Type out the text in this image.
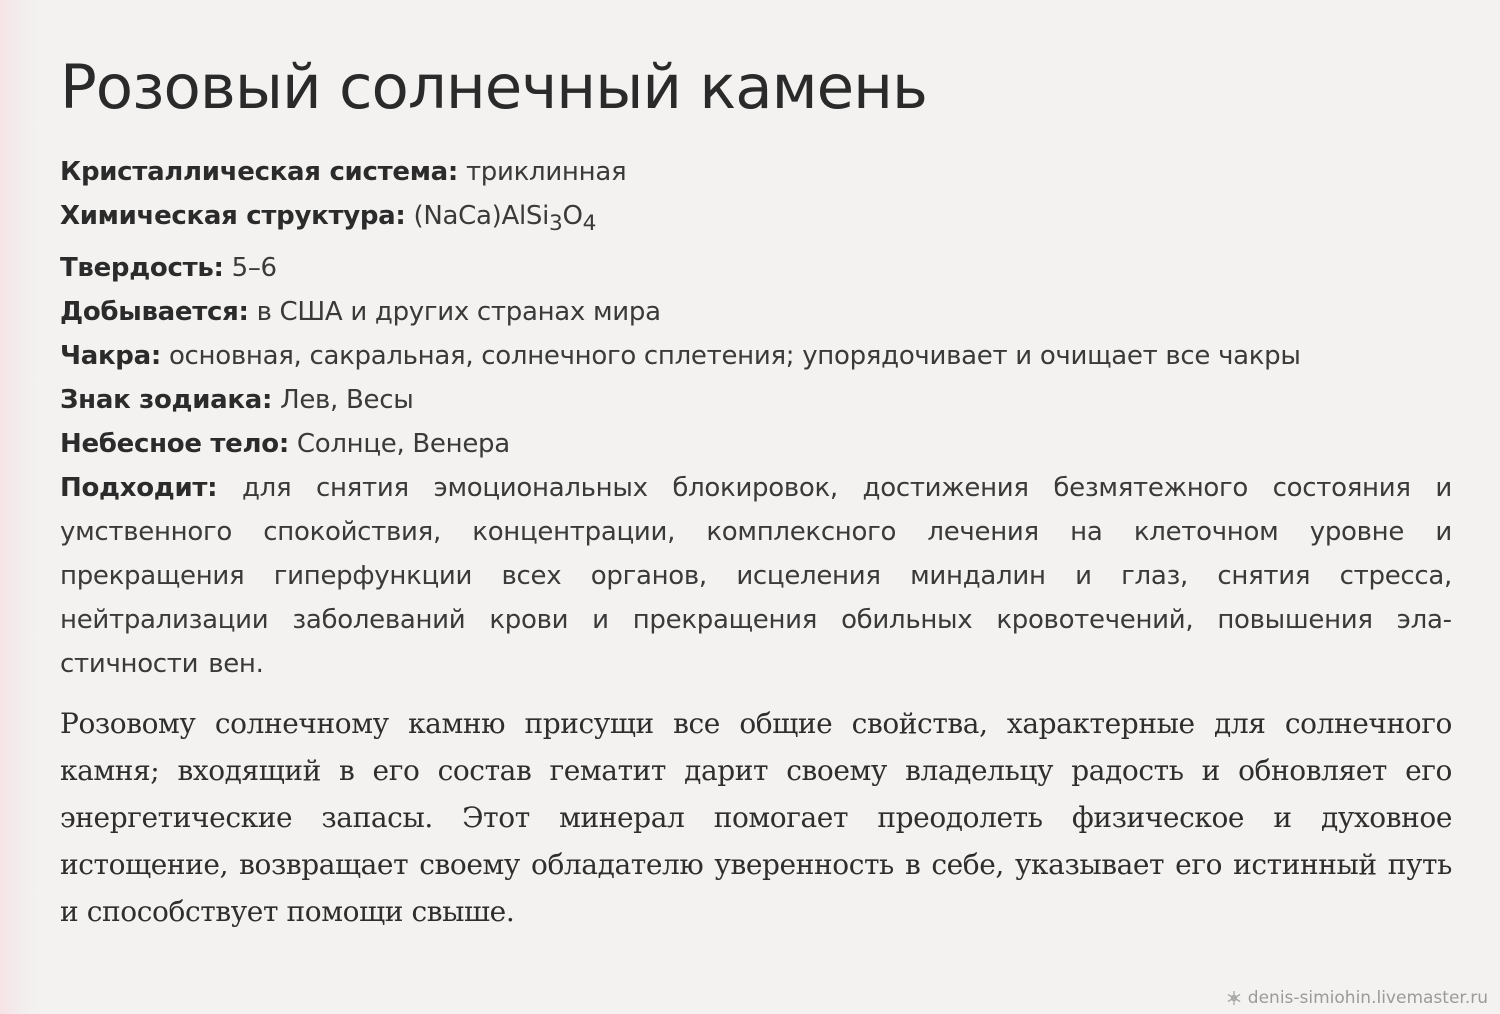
Розовый солнечный камень
Кристаллическая система: триклинная
Химическая структура: $(NaCa)AlSi_3O_4$
Твердость: 5–6
Добывается: в США и других странах мира
Чакра: основная, сакральная, солнечного сплетения; упорядочивает и очищает все чакры
Знак зодиака: Лев, Весы
Небесное тело: Солнце, Венера
Подходит: для снятия эмоциональных блокировок, достижения безмятежного состояния и умственного спокойствия, концентрации, комплексного лечения на клеточном уровне и прекращения гиперфункции всех органов, исцеления миндалин и глаз, снятия стресса, нейтрализации заболеваний крови и прекращения обильных кровотечений, повышения эластичности вен.

Розовому солнечному камню присущи все общие свойства, характерные для солнечного камня; входящий в его состав гематит дарит своему владельцу радость и обновляет его энергетические запасы. Этот минерал помогает преодолеть физическое и духовное истощение, возвращает своему обладателю уверенность в себе, указывает его истинный путь и способствует помощи свыше.

denis-simiohin.livemaster.ru
